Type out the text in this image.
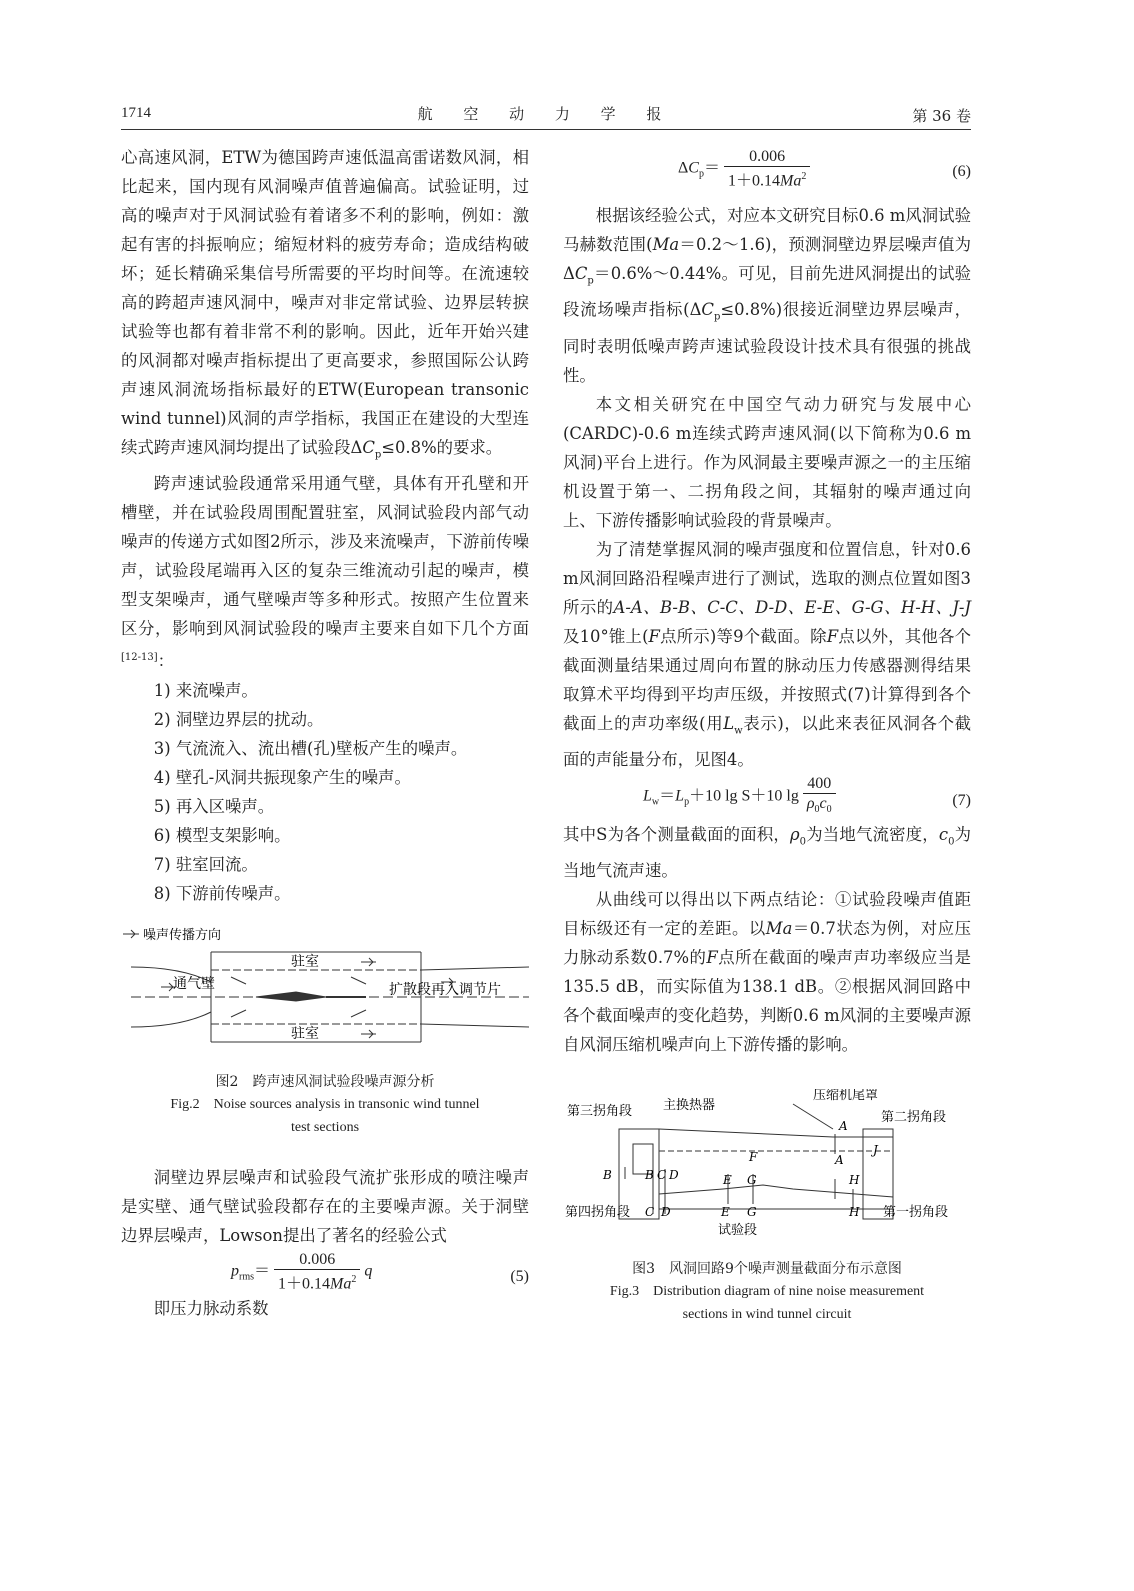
1714	航 空 动 力 学 报	第 36 卷

心高速风洞，ETW为德国跨声速低温高雷诺数风洞，相比起来，国内现有风洞噪声值普遍偏高。试验证明，过高的噪声对于风洞试验有着诸多不利的影响，例如：激起有害的抖振响应；缩短材料的疲劳寿命；造成结构破坏；延长精确采集信号所需要的平均时间等。在流速较高的跨超声速风洞中，噪声对非定常试验、边界层转捩试验等也都有着非常不利的影响。因此，近年开始兴建的风洞都对噪声指标提出了更高要求，参照国际公认跨声速风洞流场指标最好的ETW(European transonic wind tunnel)风洞的声学指标，我国正在建设的大型连续式跨声速风洞均提出了试验段$\Delta C_p\le 0.8\%$的要求。

跨声速试验段通常采用通气壁，具体有开孔壁和开槽壁，并在试验段周围配置驻室，风洞试验段内部气动噪声的传递方式如图2所示，涉及来流噪声，下游前传噪声，试验段尾端再入区的复杂三维流动引起的噪声，模型支架噪声，通气壁噪声等多种形式。按照产生位置来区分，影响到风洞试验段的噪声主要来自如下几个方面[12-13]：

1) 来流噪声。

2) 洞壁边界层的扰动。

3) 气流流入、流出槽(孔)壁板产生的噪声。

4) 壁孔-风洞共振现象产生的噪声。

5) 再入区噪声。

6) 模型支架影响。

7) 驻室回流。

8) 下游前传噪声。

噪声传播方向
驻室
驻室
通气壁	扩散段再入调节片
图2　跨声速风洞试验段噪声源分析
Fig.2　Noise sources analysis in transonic wind tunnel
test sections

洞壁边界层噪声和试验段气流扩张形成的喷注噪声是实壁、通气壁试验段都存在的主要噪声源。关于洞壁边界层噪声，Lowson提出了著名的经验公式

$p_{rms}= \frac{0.006}{1+0.14Ma^2}$ q	(5)

即压力脉动系数

$\Delta C_p= \frac{0.006}{1+0.14Ma^2}$	(6)

根据该经验公式，对应本文研究目标0.6 m风洞试验马赫数范围(Ma＝0.2～1.6)，预测洞壁边界层噪声值为$\Delta C_p=0.6\%\sim 0.44\%$。可见，目前先进风洞提出的试验段流场噪声指标$(\Delta C_p\le 0.8\%)$很接近洞壁边界层噪声，同时表明低噪声跨声速试验段设计技术具有很强的挑战性。

本文相关研究在中国空气动力研究与发展中心(CARDC)-0.6 m连续式跨声速风洞(以下简称为0.6 m风洞)平台上进行。作为风洞最主要噪声源之一的主压缩机设置于第一、二拐角段之间，其辐射的噪声通过向上、下游传播影响试验段的背景噪声。

为了清楚掌握风洞的噪声强度和位置信息，针对0.6 m风洞回路沿程噪声进行了测试，选取的测点位置如图3所示的A-A、B-B、C-C、D-D、E-E、G-G、H-H、J-J及10°锥上(F点所示)等9个截面。除F点以外，其他各个截面测量结果通过周向布置的脉动压力传感器测得结果取算术平均得到平均声压级，并按照式(7)计算得到各个截面上的声功率级(用$L_w$表示)，以此来表征风洞各个截面的声能量分布，见图4。

$L_w=L_p+10$ lg S＋10 $\lg \frac{400}{\rho_0c_0}$	(7)

其中S为各个测量截面的面积，$\rho_0$为当地气流密度，$c_0$为当地气流声速。

从曲线可以得出以下两点结论：①试验段噪声值距目标级还有一定的差距。以Ma＝0.7状态为例，对应压力脉动系数0.7%的F点所在截面的噪声声功率级应当是135.5 dB，而实际值为138.1 dB。②根据风洞回路中各个截面噪声的变化趋势，判断0.6 m风洞的主要噪声源自风洞压缩机噪声向上下游传播的影响。

第三拐角段 主换热器
压缩机尾罩
第二拐角段
第四拐角段	第一拐角段
试验段
A
A
B	B C D
C D
E G
E G
F
H
H
J
图3　风洞回路9个噪声测量截面分布示意图
Fig.3　Distribution diagram of nine noise measurement
sections in wind tunnel circuit
